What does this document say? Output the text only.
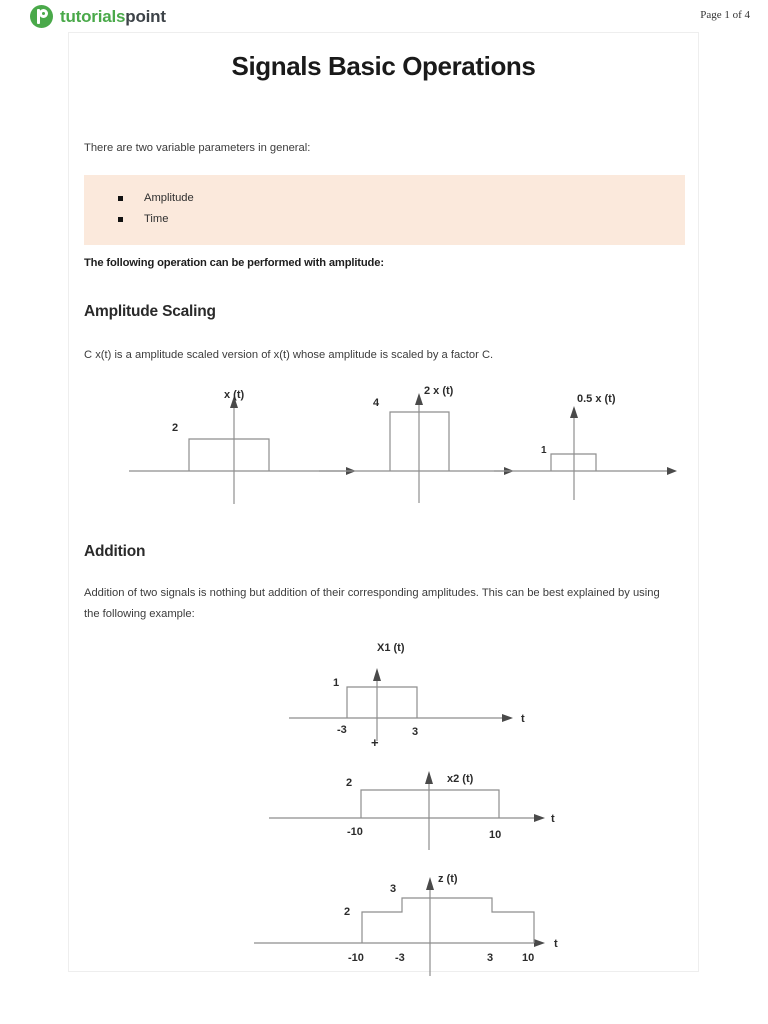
tutorialspoint	Page 1 of 4
Signals Basic Operations
There are two variable parameters in general:
Amplitude
Time
The following operation can be performed with amplitude:
Amplitude Scaling
C x(t) is a amplitude scaled version of x(t) whose amplitude is scaled by a factor C.
x (t)
2
2 x (t)
4	0.5 x (t)
1
Addition
Addition of two signals is nothing but addition of their corresponding amplitudes. This can be best explained by using the following example:
X1 (t)
1
-3	3
t
+
2
-10	10
x2 (t)
t
2
3
-10	-3	3	10
z (t)
t
